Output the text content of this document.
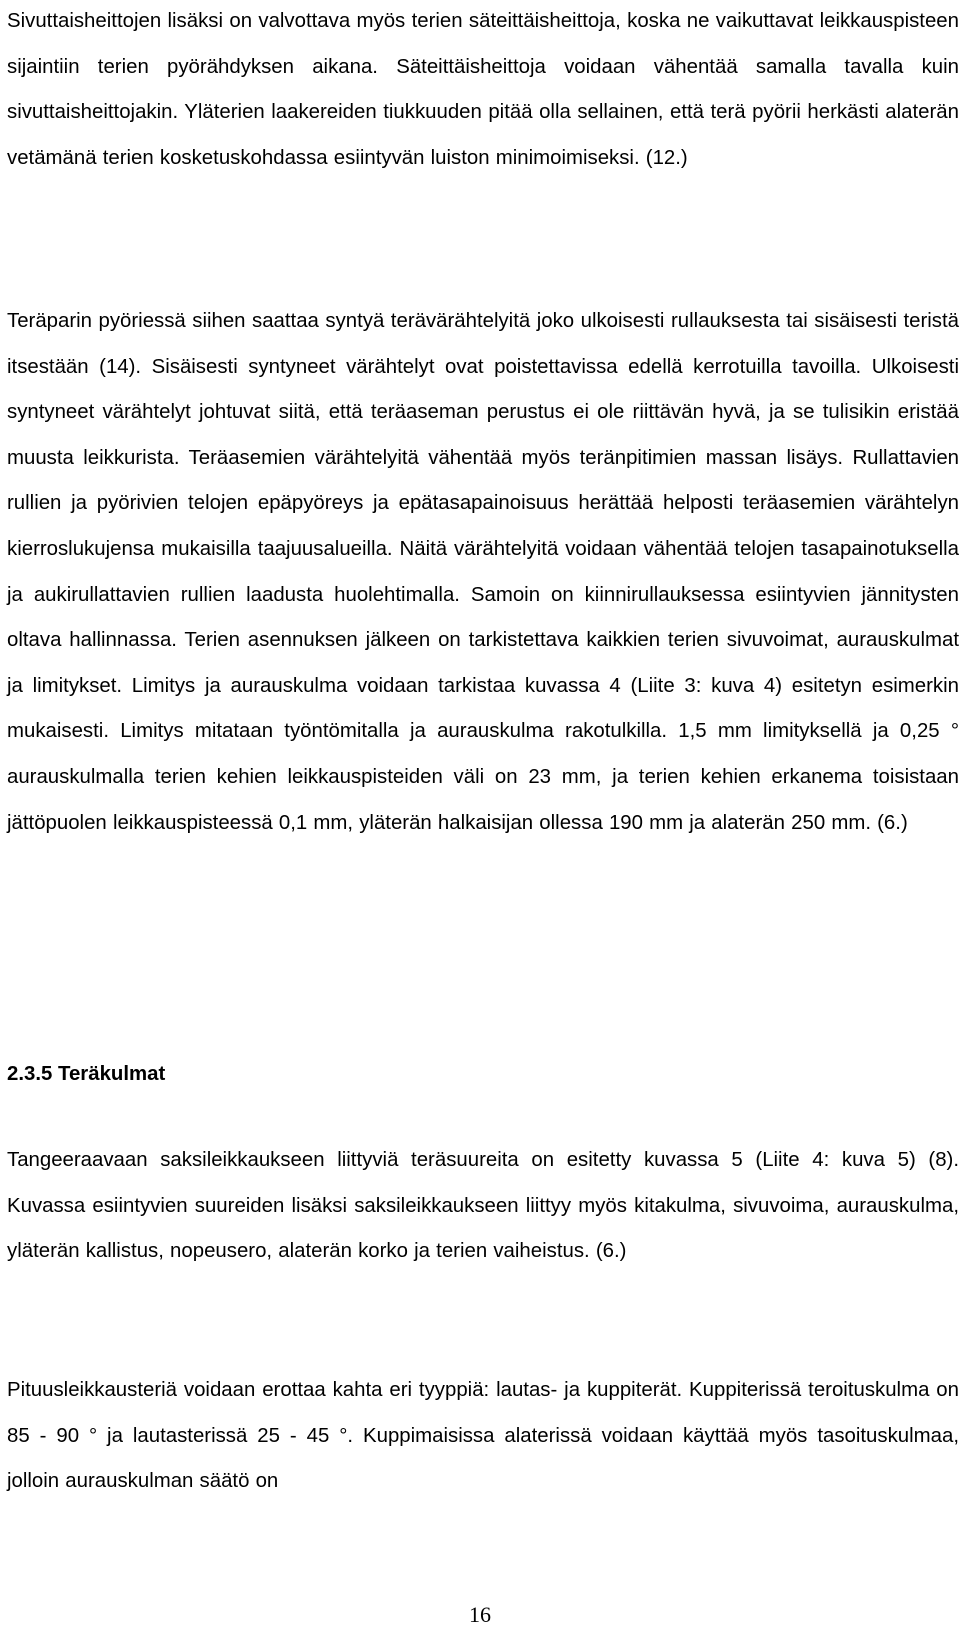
Sivuttaisheittojen lisäksi on valvottava myös terien säteittäisheittoja, koska ne vaikuttavat leikkauspisteen sijaintiin terien pyörähdyksen aikana. Säteittäisheittoja voidaan vähentää samalla tavalla kuin sivuttaisheittojakin. Yläterien laakereiden tiukkuuden pitää olla sellainen, että terä pyörii herkästi alaterän vetämänä terien kosketuskohdassa esiintyvän luiston minimoimiseksi. (12.)

Teräparin pyöriessä siihen saattaa syntyä terävärähtelyitä joko ulkoisesti rullauksesta tai sisäisesti teristä itsestään (14). Sisäisesti syntyneet värähtelyt ovat poistettavissa edellä kerrotuilla tavoilla. Ulkoisesti syntyneet värähtelyt johtuvat siitä, että teräaseman perustus ei ole riittävän hyvä, ja se tulisikin eristää muusta leikkurista. Teräasemien värähtelyitä vähentää myös teränpitimien massan lisäys. Rullattavien rullien ja pyörivien telojen epäpyöreys ja epätasapainoisuus herättää helposti teräasemien värähtelyn kierroslukujensa mukaisilla taajuusalueilla. Näitä värähtelyitä voidaan vähentää telojen tasapainotuksella ja aukirullattavien rullien laadusta huolehtimalla. Samoin on kiinnirullauksessa esiintyvien jännitysten oltava hallinnassa. Terien asennuksen jälkeen on tarkistettava kaikkien terien sivuvoimat, aurauskulmat ja limitykset. Limitys ja aurauskulma voidaan tarkistaa kuvassa 4 (Liite 3: kuva 4) esitetyn esimerkin mukaisesti. Limitys mitataan työntömitalla ja aurauskulma rakotulkilla. 1,5 mm limityksellä ja 0,25 ° aurauskulmalla terien kehien leikkauspisteiden väli on 23 mm, ja terien kehien erkanema toisistaan jättöpuolen leikkauspisteessä 0,1 mm, yläterän halkaisijan ollessa 190 mm ja alaterän 250 mm. (6.)

2.3.5 Teräkulmat

Tangeeraavaan saksileikkaukseen liittyviä teräsuureita on esitetty kuvassa 5 (Liite 4: kuva 5) (8). Kuvassa esiintyvien suureiden lisäksi saksileikkaukseen liittyy myös kitakulma, sivuvoima, aurauskulma, yläterän kallistus, nopeusero, alaterän korko ja terien vaiheistus. (6.)

Pituusleikkausteriä voidaan erottaa kahta eri tyyppiä: lautas- ja kuppiterät. Kuppiterissä teroituskulma on 85 - 90 ° ja lautasterissä 25 - 45 °. Kuppimaisissa alaterissä voidaan käyttää myös tasoituskulmaa, jolloin aurauskulman säätö on

16
